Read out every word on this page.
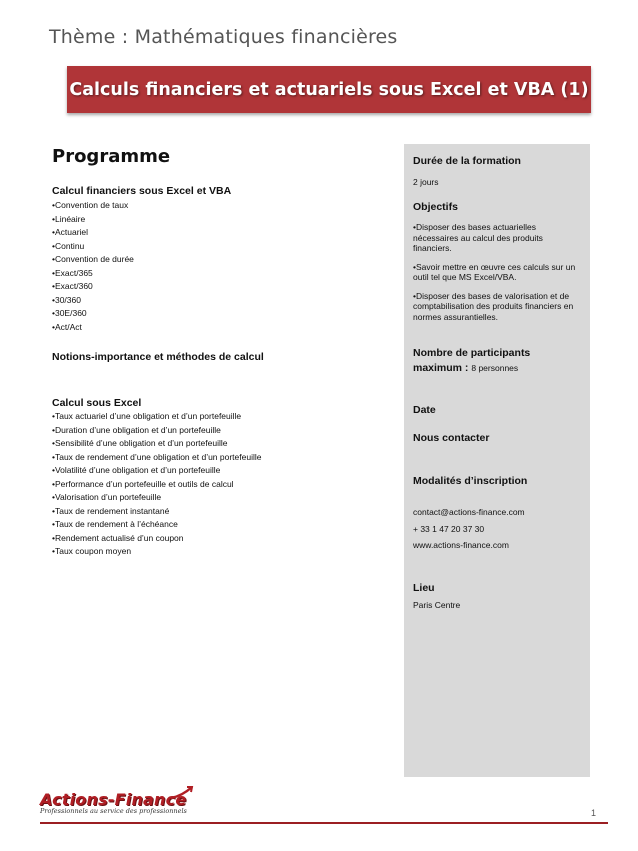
Thème : Mathématiques financières
Calculs financiers et actuariels sous Excel et VBA (1)

Programme

Calcul financiers sous Excel et VBA

•Convention de taux

•Linéaire

•Actuariel

•Continu

•Convention de durée

•Exact/365

•Exact/360

•30/360

•30E/360

•Act/Act

Notions-importance et méthodes de calcul

Calcul sous Excel

•Taux actuariel d’une obligation et d’un portefeuille

•Duration d’une obligation et d’un portefeuille

•Sensibilité d’une obligation et d’un portefeuille

•Taux de rendement d’une obligation et d’un portefeuille

•Volatilité d’une obligation et d’un portefeuille

•Performance d’un portefeuille et outils de calcul

•Valorisation d’un portefeuille

•Taux de rendement instantané

•Taux de rendement à l’échéance

•Rendement actualisé d’un coupon

•Taux coupon moyen

Durée de la formation

2 jours

Objectifs

•Disposer des bases actuarielles nécessaires au calcul des produits financiers.

•Savoir mettre en œuvre ces calculs sur un outil tel que MS Excel/VBA.

•Disposer des bases de valorisation et de comptabilisation des produits financiers en normes assurantielles.

Nombre de participants

maximum : 8 personnes

Date

Nous contacter

Modalités d’inscription

contact@actions-finance.com

+ 33 1 47 20 37 30

www.actions-finance.com

Lieu

Paris Centre

Actions-Finance
Professionnels au service des professionnels	1
